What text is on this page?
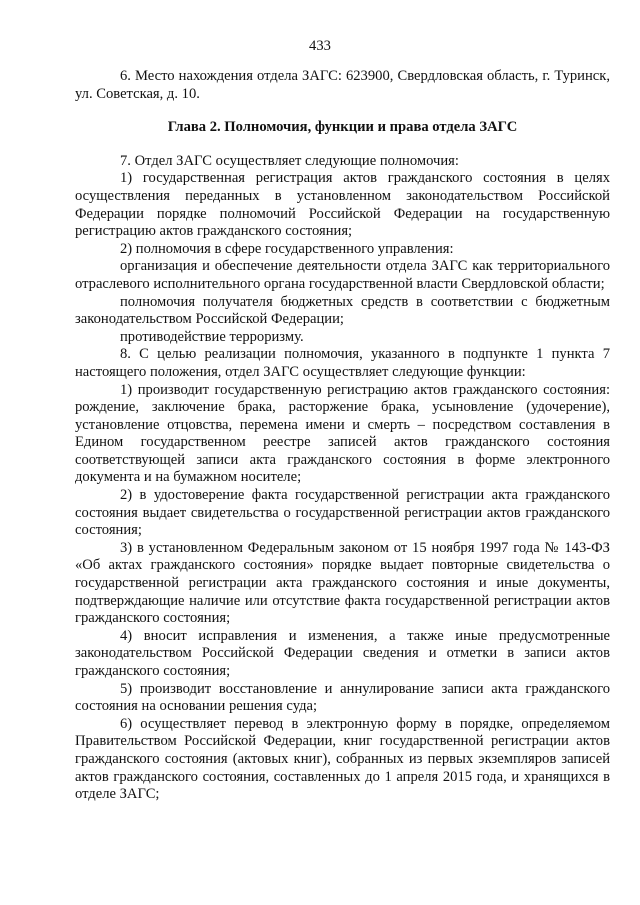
433

6. Место нахождения отдела ЗАГС: 623900, Свердловская область, г. Туринск, ул. Советская, д. 10.

Глава 2. Полномочия, функции и права отдела ЗАГС

7. Отдел ЗАГС осуществляет следующие полномочия:

1) государственная регистрация актов гражданского состояния в целях осуществления переданных в установленном законодательством Российской Федерации порядке полномочий Российской Федерации на государственную регистрацию актов гражданского состояния;

2) полномочия в сфере государственного управления:

организация и обеспечение деятельности отдела ЗАГС как территориального отраслевого исполнительного органа государственной власти Свердловской области;

полномочия получателя бюджетных средств в соответствии с бюджетным законодательством Российской Федерации;

противодействие терроризму.

8. С целью реализации полномочия, указанного в подпункте 1 пункта 7 настоящего положения, отдел ЗАГС осуществляет следующие функции:

1) производит государственную регистрацию актов гражданского состояния: рождение, заключение брака, расторжение брака, усыновление (удочерение), установление отцовства, перемена имени и смерть – посредством составления в Едином государственном реестре записей актов гражданского состояния соответствующей записи акта гражданского состояния в форме электронного документа и на бумажном носителе;

2) в удостоверение факта государственной регистрации акта гражданского состояния выдает свидетельства о государственной регистрации актов гражданского состояния;

3) в установленном Федеральным законом от 15 ноября 1997 года № 143-ФЗ «Об актах гражданского состояния» порядке выдает повторные свидетельства о государственной регистрации акта гражданского состояния и иные документы, подтверждающие наличие или отсутствие факта государственной регистрации актов гражданского состояния;

4) вносит исправления и изменения, а также иные предусмотренные законодательством Российской Федерации сведения и отметки в записи актов гражданского состояния;

5) производит восстановление и аннулирование записи акта гражданского состояния на основании решения суда;

6) осуществляет перевод в электронную форму в порядке, определяемом Правительством Российской Федерации, книг государственной регистрации актов гражданского состояния (актовых книг), собранных из первых экземпляров записей актов гражданского состояния, составленных до 1 апреля 2015 года, и хранящихся в отделе ЗАГС;
